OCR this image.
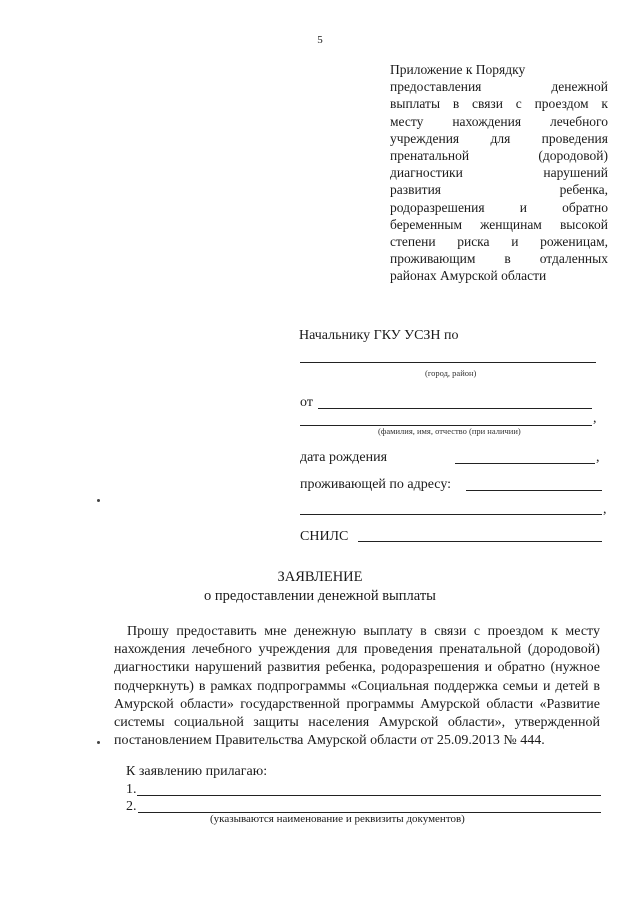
5
Приложение к Порядку
предоставления	денежной
выплаты в связи с проездом к
месту нахождения лечебного
учреждения для проведения
пренатальной	(дородовой)
диагностики	нарушений
развития	ребенка,
родоразрешения	и	обратно
беременным женщинам высокой
степени риска и роженицам,
проживающим в отдаленных
районах Амурской области
Начальнику ГКУ УСЗН по
(город, район)
от
,
(фамилия, имя, отчество (при наличии)
дата рождения	,
проживающей по адресу:
,
СНИЛС
ЗАЯВЛЕНИЕ
о предоставлении денежной выплаты
Прошу предоставить мне денежную выплату в связи с проездом к месту
нахождения лечебного учреждения для проведения пренатальной (дородовой)
диагностики нарушений развития ребенка, родоразрешения и обратно (нужное
подчеркнуть) в рамках подпрограммы «Социальная поддержка семьи и детей в
Амурской области» государственной программы Амурской области «Развитие
системы социальной защиты населения Амурской области», утвержденной
постановлением Правительства Амурской области от 25.09.2013 № 444.
К заявлению прилагаю:
1.
2.
(указываются наименование и реквизиты документов)
